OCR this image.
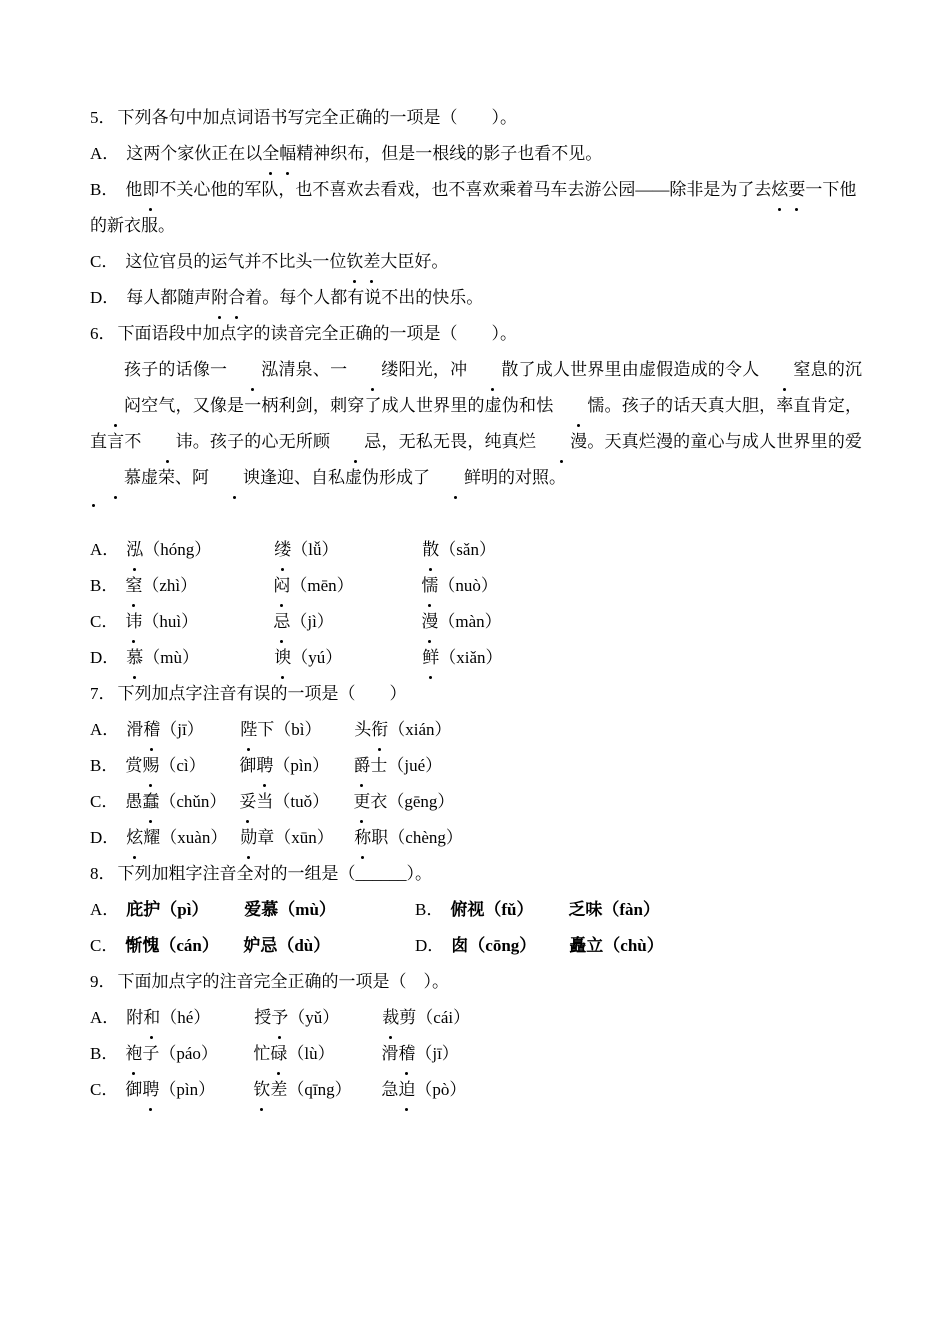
5． 下列各句中加点词语书写完全正确的一项是（　　）。
A． 这两个家伙正在以全幅精神织布，但是一根线的影子也看不见。
B． 他即不关心他的军队，也不喜欢去看戏，也不喜欢乘着马车去游公园——除非是为了去炫要一下他的新衣服。
C． 这位官员的运气并不比头一位钦差大臣好。
D． 每人都随声附合着。每个人都有说不出的快乐。
6． 下面语段中加点字的读音完全正确的一项是（　　）。
孩子的话像一 泓清泉、一 缕阳光，冲 散了成人世界里由虚假造成的令人 窒息的沉闷空气，又像是一柄利剑，刺穿了成人世界里的虚伪和怯 懦。孩子的话天真大胆，率直肯定，直言不 讳。孩子的心无所顾 忌，无私无畏，纯真烂 漫。天真烂漫的童心与成人世界里的爱慕虚荣、阿 谀逢迎、自私虚伪形成了 鲜明的对照。
A． 泓（hóng）	缕（lǚ）	散（sǎn）
B． 窒（zhì）	闷（mēn）	懦（nuò）
C． 讳（huì）	忌（jì）	漫（màn）
D． 慕（mù）	谀（yú）	鲜（xiǎn）
7． 下列加点字注音有误的一项是（　　）
A． 滑稽（jī） 陛下（bì） 头衔（xián）
B． 赏赐（cì） 御聘（pìn） 爵士（jué）
C． 愚蠢（chǔn） 妥当（tuǒ） 更衣（gēng）
D． 炫耀（xuàn） 勋章（xūn） 称职（chèng）
8． 下列加粗字注音全对的一组是（______）。
A． 庇护（pì） 爱慕（mù）	B． 俯视（fǔ） 乏味（fàn）
C． 惭愧（cán） 妒忌（dù）	D． 囱（cōng） 矗立（chù）
9． 下面加点字的注音完全正确的一项是（　）。
A． 附和（hé）	授予（yǔ）	裁剪（cái）
B． 袍子（páo） 忙碌（lù）	滑稽（jī）
C． 御聘（pìn） 钦差（qīng） 急迫（pò）
